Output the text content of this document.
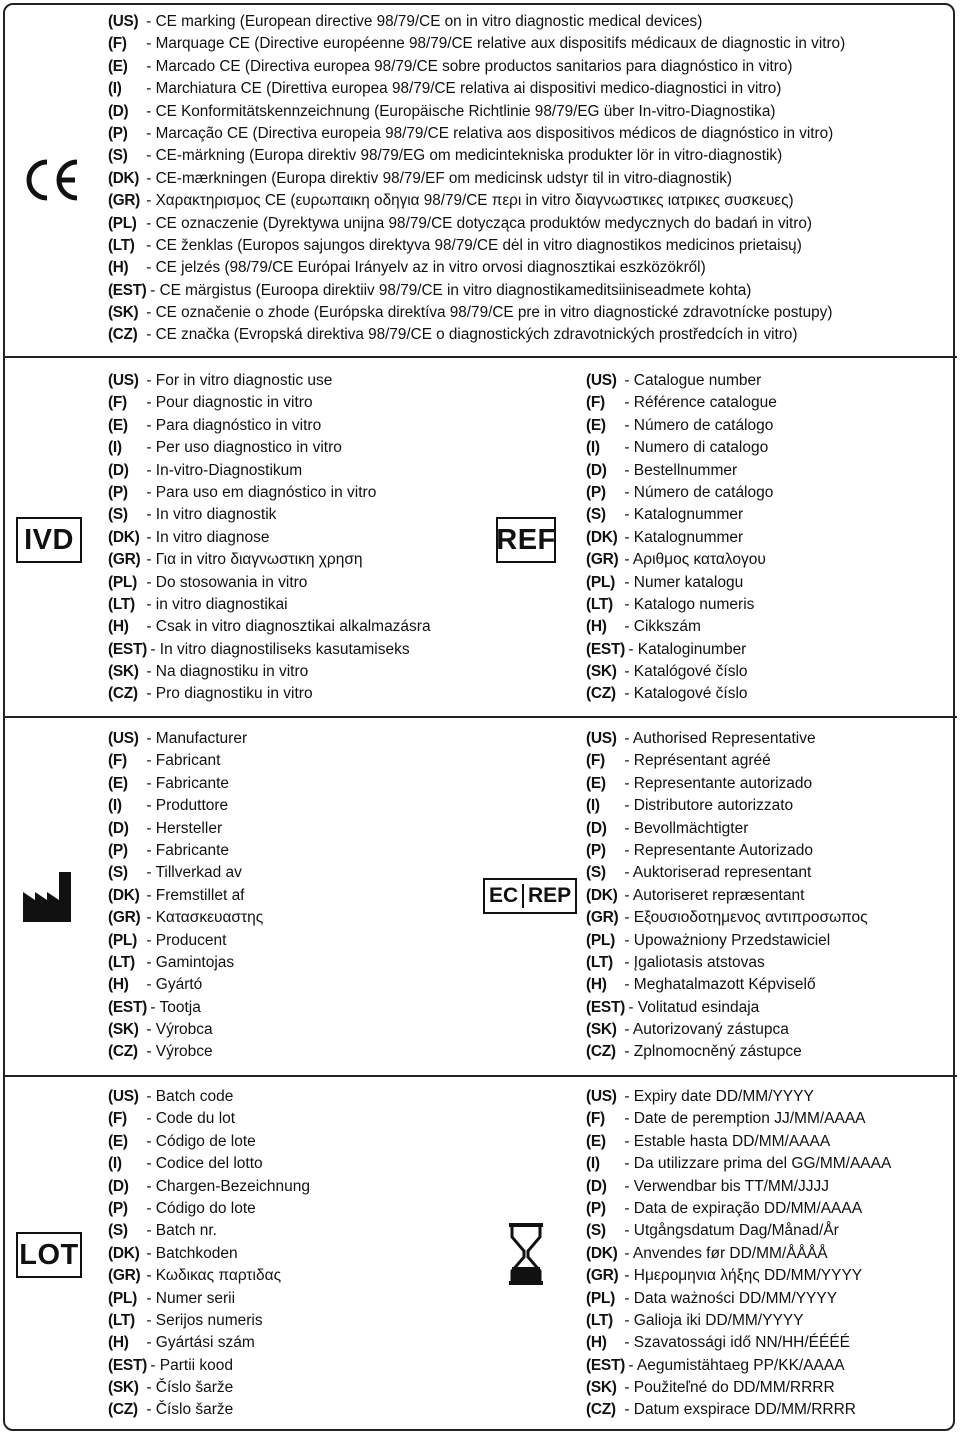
(US) - CE marking (European directive 98/79/CE on in vitro diagnostic medical devices)
(F) - Marquage CE (Directive européenne 98/79/CE relative aux dispositifs médicaux de diagnostic in vitro)
(E) - Marcado CE (Directiva europea 98/79/CE sobre productos sanitarios para diagnóstico in vitro)
(I) - Marchiatura CE (Direttiva europea 98/79/CE relativa ai dispositivi medico-diagnostici in vitro)
(D) - CE Konformitätskennzeichnung (Europäische Richtlinie 98/79/EG über In-vitro-Diagnostika)
(P) - Marcação CE (Directiva europeia 98/79/CE relativa aos dispositivos médicos de diagnóstico in vitro)
(S) - CE-märkning (Europa direktiv 98/79/EG om medicintekniska produkter lör in vitro-diagnostik)
(DK) - CE-mærkningen (Europa direktiv 98/79/EF om medicinsk udstyr til in vitro-diagnostik)
(GR) - Χαρακτηρισμος CE (ευρωπαικη οδηγια 98/79/CE περι in vitro διαγνωστικες ιατρικες συσκευες)
(PL) - CE oznaczenie (Dyrektywa unijna 98/79/CE dotycząca produktów medycznych do badań in vitro)
(LT) - CE ženklas (Europos sajungos direktyva 98/79/CE dėl in vitro diagnostikos medicinos prietaisų)
(H) - CE jelzés (98/79/CE Európai Irányelv az in vitro orvosi diagnosztikai eszközökről)
(EST) - CE märgistus (Euroopa direktiiv 98/79/CE in vitro diagnostikameditsiiniseadmete kohta)
(SK) - CE označenie o zhode (Európska direktíva 98/79/CE pre in vitro diagnostické zdravotnícke postupy)
(CZ) - CE značka (Evropská direktiva 98/79/CE o diagnostických zdravotnických prostředcích in vitro)
IVD
(US) - For in vitro diagnostic use
(F) - Pour diagnostic in vitro
(E) - Para diagnóstico in vitro
(I) - Per uso diagnostico in vitro
(D) - In-vitro-Diagnostikum
(P) - Para uso em diagnóstico in vitro
(S) - In vitro diagnostik
(DK) - In vitro diagnose
(GR) - Για in vitro διαγνωστικη χρηση
(PL) - Do stosowania in vitro
(LT) - in vitro diagnostikai
(H) - Csak in vitro diagnosztikai alkalmazásra
(EST) - In vitro diagnostiliseks kasutamiseks
(SK) - Na diagnostiku in vitro
(CZ) - Pro diagnostiku in vitro
REF
(US) - Catalogue number
(F) - Référence catalogue
(E) - Número de catálogo
(I) - Numero di catalogo
(D) - Bestellnummer
(P) - Número de catálogo
(S) - Katalognummer
(DK) - Katalognummer
(GR) - Αριθμος καταλογου
(PL) - Numer katalogu
(LT) - Katalogo numeris
(H) - Cikkszám
(EST) - Kataloginumber
(SK) - Katalógové číslo
(CZ) - Katalogové číslo
(US) - Manufacturer
(F) - Fabricant
(E) - Fabricante
(I) - Produttore
(D) - Hersteller
(P) - Fabricante
(S) - Tillverkad av
(DK) - Fremstillet af
(GR) - Κατασκευαστης
(PL) - Producent
(LT) - Gamintojas
(H) - Gyártó
(EST) - Tootja
(SK) - Výrobca
(CZ) - Výrobce
EC REP
(US) - Authorised Representative
(F) - Représentant agréé
(E) - Representante autorizado
(I) - Distributore autorizzato
(D) - Bevollmächtigter
(P) - Representante Autorizado
(S) - Auktoriserad representant
(DK) - Autoriseret repræsentant
(GR) - Εξουσιοδοτημενος αντιπροσωπος
(PL) - Upoważniony Przedstawiciel
(LT) - Įgaliotasis atstovas
(H) - Meghatalmazott Képviselő
(EST) - Volitatud esindaja
(SK) - Autorizovaný zástupca
(CZ) - Zplnomocněný zástupce
LOT
(US) - Batch code
(F) - Code du lot
(E) - Código de lote
(I) - Codice del lotto
(D) - Chargen-Bezeichnung
(P) - Código do lote
(S) - Batch nr.
(DK) - Batchkoden
(GR) - Κωδικας παρτιδας
(PL) - Numer serii
(LT) - Serijos numeris
(H) - Gyártási szám
(EST) - Partii kood
(SK) - Číslo šarže
(CZ) - Číslo šarže
(US) - Expiry date DD/MM/YYYY
(F) - Date de peremption JJ/MM/AAAA
(E) - Estable hasta DD/MM/AAAA
(I) - Da utilizzare prima del GG/MM/AAAA
(D) - Verwendbar bis TT/MM/JJJJ
(P) - Data de expiração DD/MM/AAAA
(S) - Utgångsdatum Dag/Månad/År
(DK) - Anvendes før DD/MM/ÅÅÅÅ
(GR) - Ημερομηνια λήξης DD/MM/YYYY
(PL) - Data ważności DD/MM/YYYY
(LT) - Galioja iki DD/MM/YYYY
(H) - Szavatossági idő NN/HH/ÉÉÉÉ
(EST) - Aegumistähtaeg PP/KK/AAAA
(SK) - Použiteľné do DD/MM/RRRR
(CZ) - Datum exspirace DD/MM/RRRR
